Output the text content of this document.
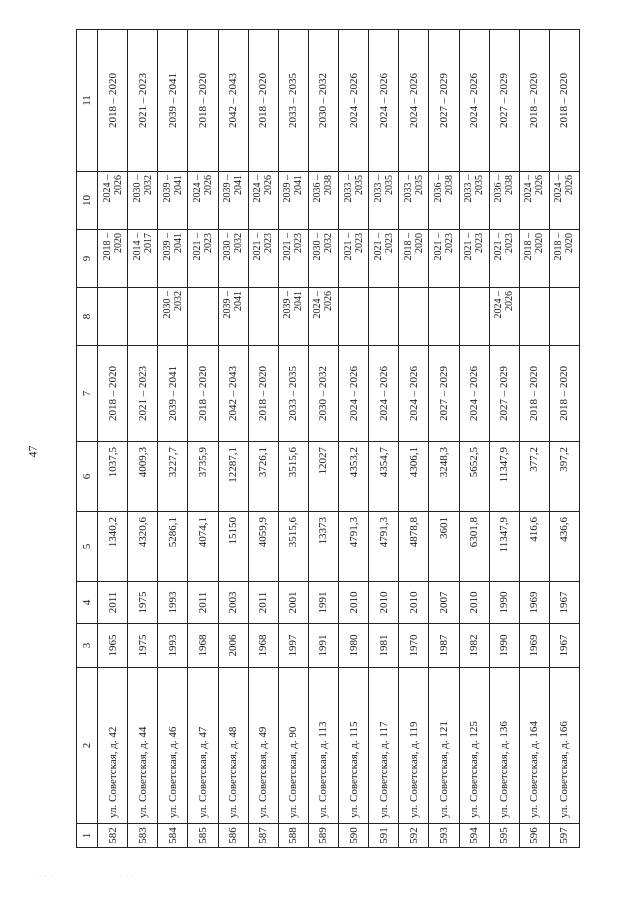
47
· · · ·	· · ·
1	2	3	4	5	6	7	8	9	10	11
582	ул. Советская, д. 42	1965	2011	1340,2	1037,5	2018 – 2020		2018 – 2020	2024 – 2026	2018 – 2020
583	ул. Советская, д. 44	1975	1975	4320,6	4009,3	2021 – 2023		2014 – 2017	2030 – 2032	2021 – 2023
584	ул. Советская, д. 46	1993	1993	5286,1	3227,7	2039 – 2041	2030 – 2032	2039 – 2041	2039 – 2041	2039 – 2041
585	ул. Советская, д. 47	1968	2011	4074,1	3735,9	2018 – 2020		2021 – 2023	2024 – 2026	2018 – 2020
586	ул. Советская, д. 48	2006	2003	15150	12287,1	2042 – 2043	2039 – 2041	2030 – 2032	2039 – 2041	2042 – 2043
587	ул. Советская, д. 49	1968	2011	4059,9	3726,1	2018 – 2020		2021 – 2023	2024 – 2026	2018 – 2020
588	ул. Советская, д. 90	1997	2001	3515,6	3515,6	2033 – 2035	2039 – 2041	2021 – 2023	2039 – 2041	2033 – 2035
589	ул. Советская, д. 113	1991	1991	13373	12027	2030 – 2032	2024 – 2026	2030 – 2032	2036 – 2038	2030 – 2032
590	ул. Советская, д. 115	1980	2010	4791,3	4353,2	2024 – 2026		2021 – 2023	2033 – 2035	2024 – 2026
591	ул. Советская, д. 117	1981	2010	4791,3	4354,7	2024 – 2026		2021 – 2023	2033 – 2035	2024 – 2026
592	ул. Советская, д. 119	1970	2010	4878,8	4306,1	2024 – 2026		2018 – 2020	2033 – 2035	2024 – 2026
593	ул. Советская, д. 121	1987	2007	3601	3248,3	2027 – 2029		2021 – 2023	2036 – 2038	2027 – 2029
594	ул. Советская, д. 125	1982	2010	6301,8	5652,5	2024 – 2026		2021 – 2023	2033 – 2035	2024 – 2026
595	ул. Советская, д. 136	1990	1990	11347,9	11347,9	2027 – 2029	2024 – 2026	2021 – 2023	2036 – 2038	2027 – 2029
596	ул. Советская, д. 164	1969	1969	416,6	377,2	2018 – 2020		2018 – 2020	2024 – 2026	2018 – 2020
597	ул. Советская, д. 166	1967	1967	436,6	397,2	2018 – 2020		2018 – 2020	2024 – 2026	2018 – 2020
